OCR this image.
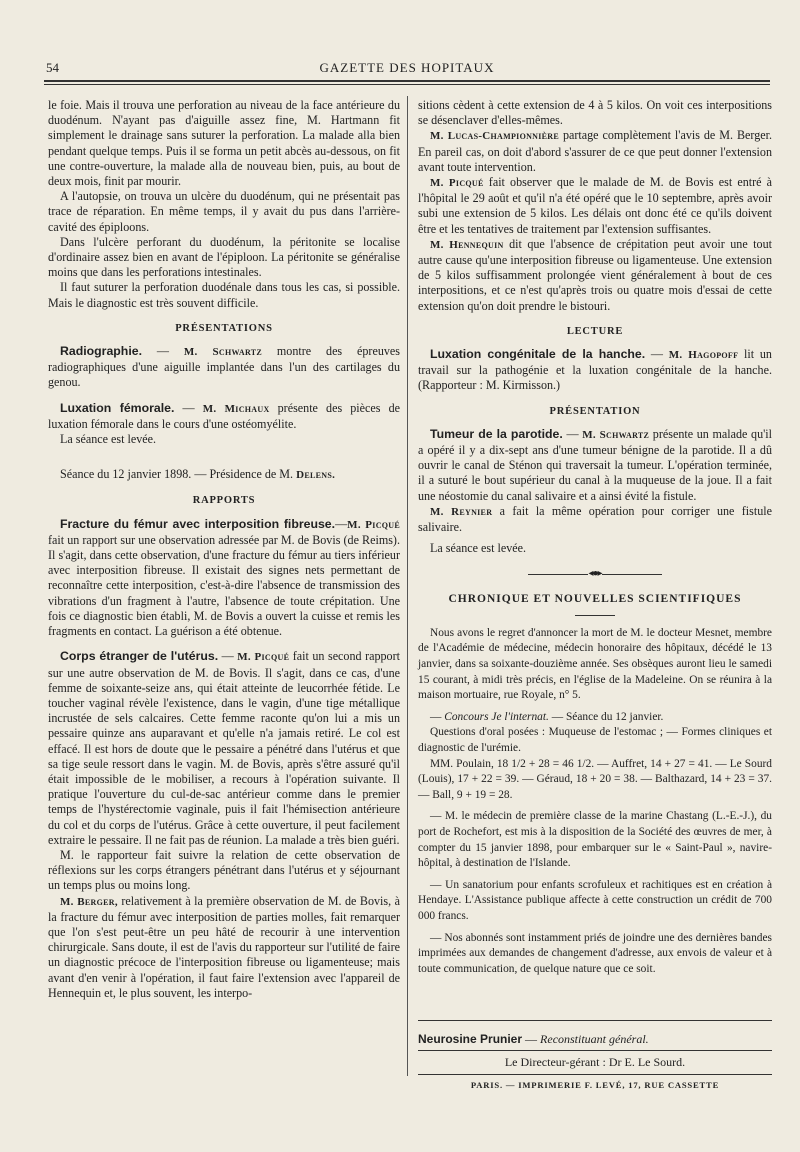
54	GAZETTE DES HOPITAUX

le foie. Mais il trouva une perforation au niveau de la face antérieure du duodénum. N'ayant pas d'aiguille assez fine, M. Hartmann fit simplement le drainage sans suturer la perforation. La malade alla bien pendant quelque temps. Puis il se forma un petit abcès au-dessous, on fit une contre-ouverture, la malade alla de nouveau bien, puis, au bout de deux mois, finit par mourir.

A l'autopsie, on trouva un ulcère du duodénum, qui ne présentait pas trace de réparation. En même temps, il y avait du pus dans l'arrière-cavité des épiploons.

Dans l'ulcère perforant du duodénum, la péritonite se localise d'ordinaire assez bien en avant de l'épiploon. La péritonite se généralise moins que dans les perforations intestinales.

Il faut suturer la perforation duodénale dans tous les cas, si possible. Mais le diagnostic est très souvent difficile.

PRÉSENTATIONS

Radiographie. — M. Schwartz montre des épreuves radiographiques d'une aiguille implantée dans l'un des cartilages du genou.

Luxation fémorale. — M. Michaux présente des pièces de luxation fémorale dans le cours d'une ostéomyélite.

La séance est levée.

Séance du 12 janvier 1898. — Présidence de M. Delens.

RAPPORTS

Fracture du fémur avec interposition fibreuse.—M. Picqué fait un rapport sur une observation adressée par M. de Bovis (de Reims). Il s'agit, dans cette observation, d'une fracture du fémur au tiers inférieur avec interposition fibreuse. Il existait des signes nets permettant de reconnaître cette interposition, c'est-à-dire l'absence de transmission des vibrations d'un fragment à l'autre, l'absence de toute crépitation. Une fois ce diagnostic bien établi, M. de Bovis a ouvert la cuisse et remis les fragments en contact. La guérison a été obtenue.

Corps étranger de l'utérus. — M. Picqué fait un second rapport sur une autre observation de M. de Bovis. Il s'agit, dans ce cas, d'une femme de soixante-seize ans, qui était atteinte de leucorrhée fétide. Le toucher vaginal révèle l'existence, dans le vagin, d'une tige métallique incrustée de sels calcaires. Cette femme raconte qu'on lui a mis un pessaire quinze ans auparavant et qu'elle n'a jamais retiré. Le col est effacé. Il est hors de doute que le pessaire a pénétré dans l'utérus et que sa tige seule ressort dans le vagin. M. de Bovis, après s'être assuré qu'il était impossible de le mobiliser, a recours à l'opération suivante. Il pratique l'ouverture du cul-de-sac antérieur comme dans le premier temps de l'hystérectomie vaginale, puis il fait l'hémisection antérieure du col et du corps de l'utérus. Grâce à cette ouverture, il peut facilement extraire le pessaire. Il ne fait pas de réunion. La malade a très bien guéri.

M. le rapporteur fait suivre la relation de cette observation de réflexions sur les corps étrangers pénétrant dans l'utérus et y séjournant un temps plus ou moins long.

M. Berger, relativement à la première observation de M. de Bovis, à la fracture du fémur avec interposition de parties molles, fait remarquer que l'on s'est peut-être un peu hâté de recourir à une intervention chirurgicale. Sans doute, il est de l'avis du rapporteur sur l'utilité de faire un diagnostic précoce de l'interposition fibreuse ou ligamenteuse; mais avant d'en venir à l'opération, il faut faire l'extension avec l'appareil de Hennequin et, le plus souvent, les interpo-

sitions cèdent à cette extension de 4 à 5 kilos. On voit ces interpositions se désenclaver d'elles-mêmes.

M. Lucas-Championnière partage complètement l'avis de M. Berger. En pareil cas, on doit d'abord s'assurer de ce que peut donner l'extension avant toute intervention.

M. Picqué fait observer que le malade de M. de Bovis est entré à l'hôpital le 29 août et qu'il n'a été opéré que le 10 septembre, après avoir subi une extension de 5 kilos. Les délais ont donc été ce qu'ils doivent être et les tentatives de traitement par l'extension suffisantes.

M. Hennequin dit que l'absence de crépitation peut avoir une tout autre cause qu'une interposition fibreuse ou ligamenteuse. Une extension de 5 kilos suffisamment prolongée vient généralement à bout de ces interpositions, et ce n'est qu'après trois ou quatre mois d'essai de cette extension qu'on doit prendre le bistouri.

LECTURE

Luxation congénitale de la hanche. — M. Hagopoff lit un travail sur la pathogénie et la luxation congénitale de la hanche. (Rapporteur : M. Kirmisson.)

PRÉSENTATION

Tumeur de la parotide. — M. Schwartz présente un malade qu'il a opéré il y a dix-sept ans d'une tumeur bénigne de la parotide. Il a dû ouvrir le canal de Sténon qui traversait la tumeur. L'opération terminée, il a suturé le bout supérieur du canal à la muqueuse de la joue. Il a fait une néostomie du canal salivaire et a ainsi évité la fistule.

M. Reynier a fait la même opération pour corriger une fistule salivaire.

La séance est levée.

◂●▸
CHRONIQUE ET NOUVELLES SCIENTIFIQUES

Nous avons le regret d'annoncer la mort de M. le docteur Mesnet, membre de l'Académie de médecine, médecin honoraire des hôpitaux, décédé le 13 janvier, dans sa soixante-douzième année. Ses obsèques auront lieu le samedi 15 courant, à midi très précis, en l'église de la Madeleine. On se réunira à la maison mortuaire, rue Royale, n° 5.

— Concours Je l'internat. — Séance du 12 janvier.

Questions d'oral posées : Muqueuse de l'estomac ; — Formes cliniques et diagnostic de l'urémie.

MM. Poulain, 18 1/2 + 28 = 46 1/2. — Auffret, 14 + 27 = 41. — Le Sourd (Louis), 17 + 22 = 39. — Géraud, 18 + 20 = 38. — Balthazard, 14 + 23 = 37. — Ball, 9 + 19 = 28.

— M. le médecin de première classe de la marine Chastang (L.-E.-J.), du port de Rochefort, est mis à la disposition de la Société des œuvres de mer, à compter du 15 janvier 1898, pour embarquer sur le « Saint-Paul », navire-hôpital, à destination de l'Islande.

— Un sanatorium pour enfants scrofuleux et rachitiques est en création à Hendaye. L'Assistance publique affecte à cette construction un crédit de 700 000 francs.

— Nos abonnés sont instamment priés de joindre une des dernières bandes imprimées aux demandes de changement d'adresse, aux envois de valeur et à toute communication, de quelque nature que ce soit.

Neurosine Prunier — Reconstituant général.
Le Directeur-gérant : Dr E. Le Sourd.
PARIS. — IMPRIMERIE F. LEVÉ, 17, RUE CASSETTE
